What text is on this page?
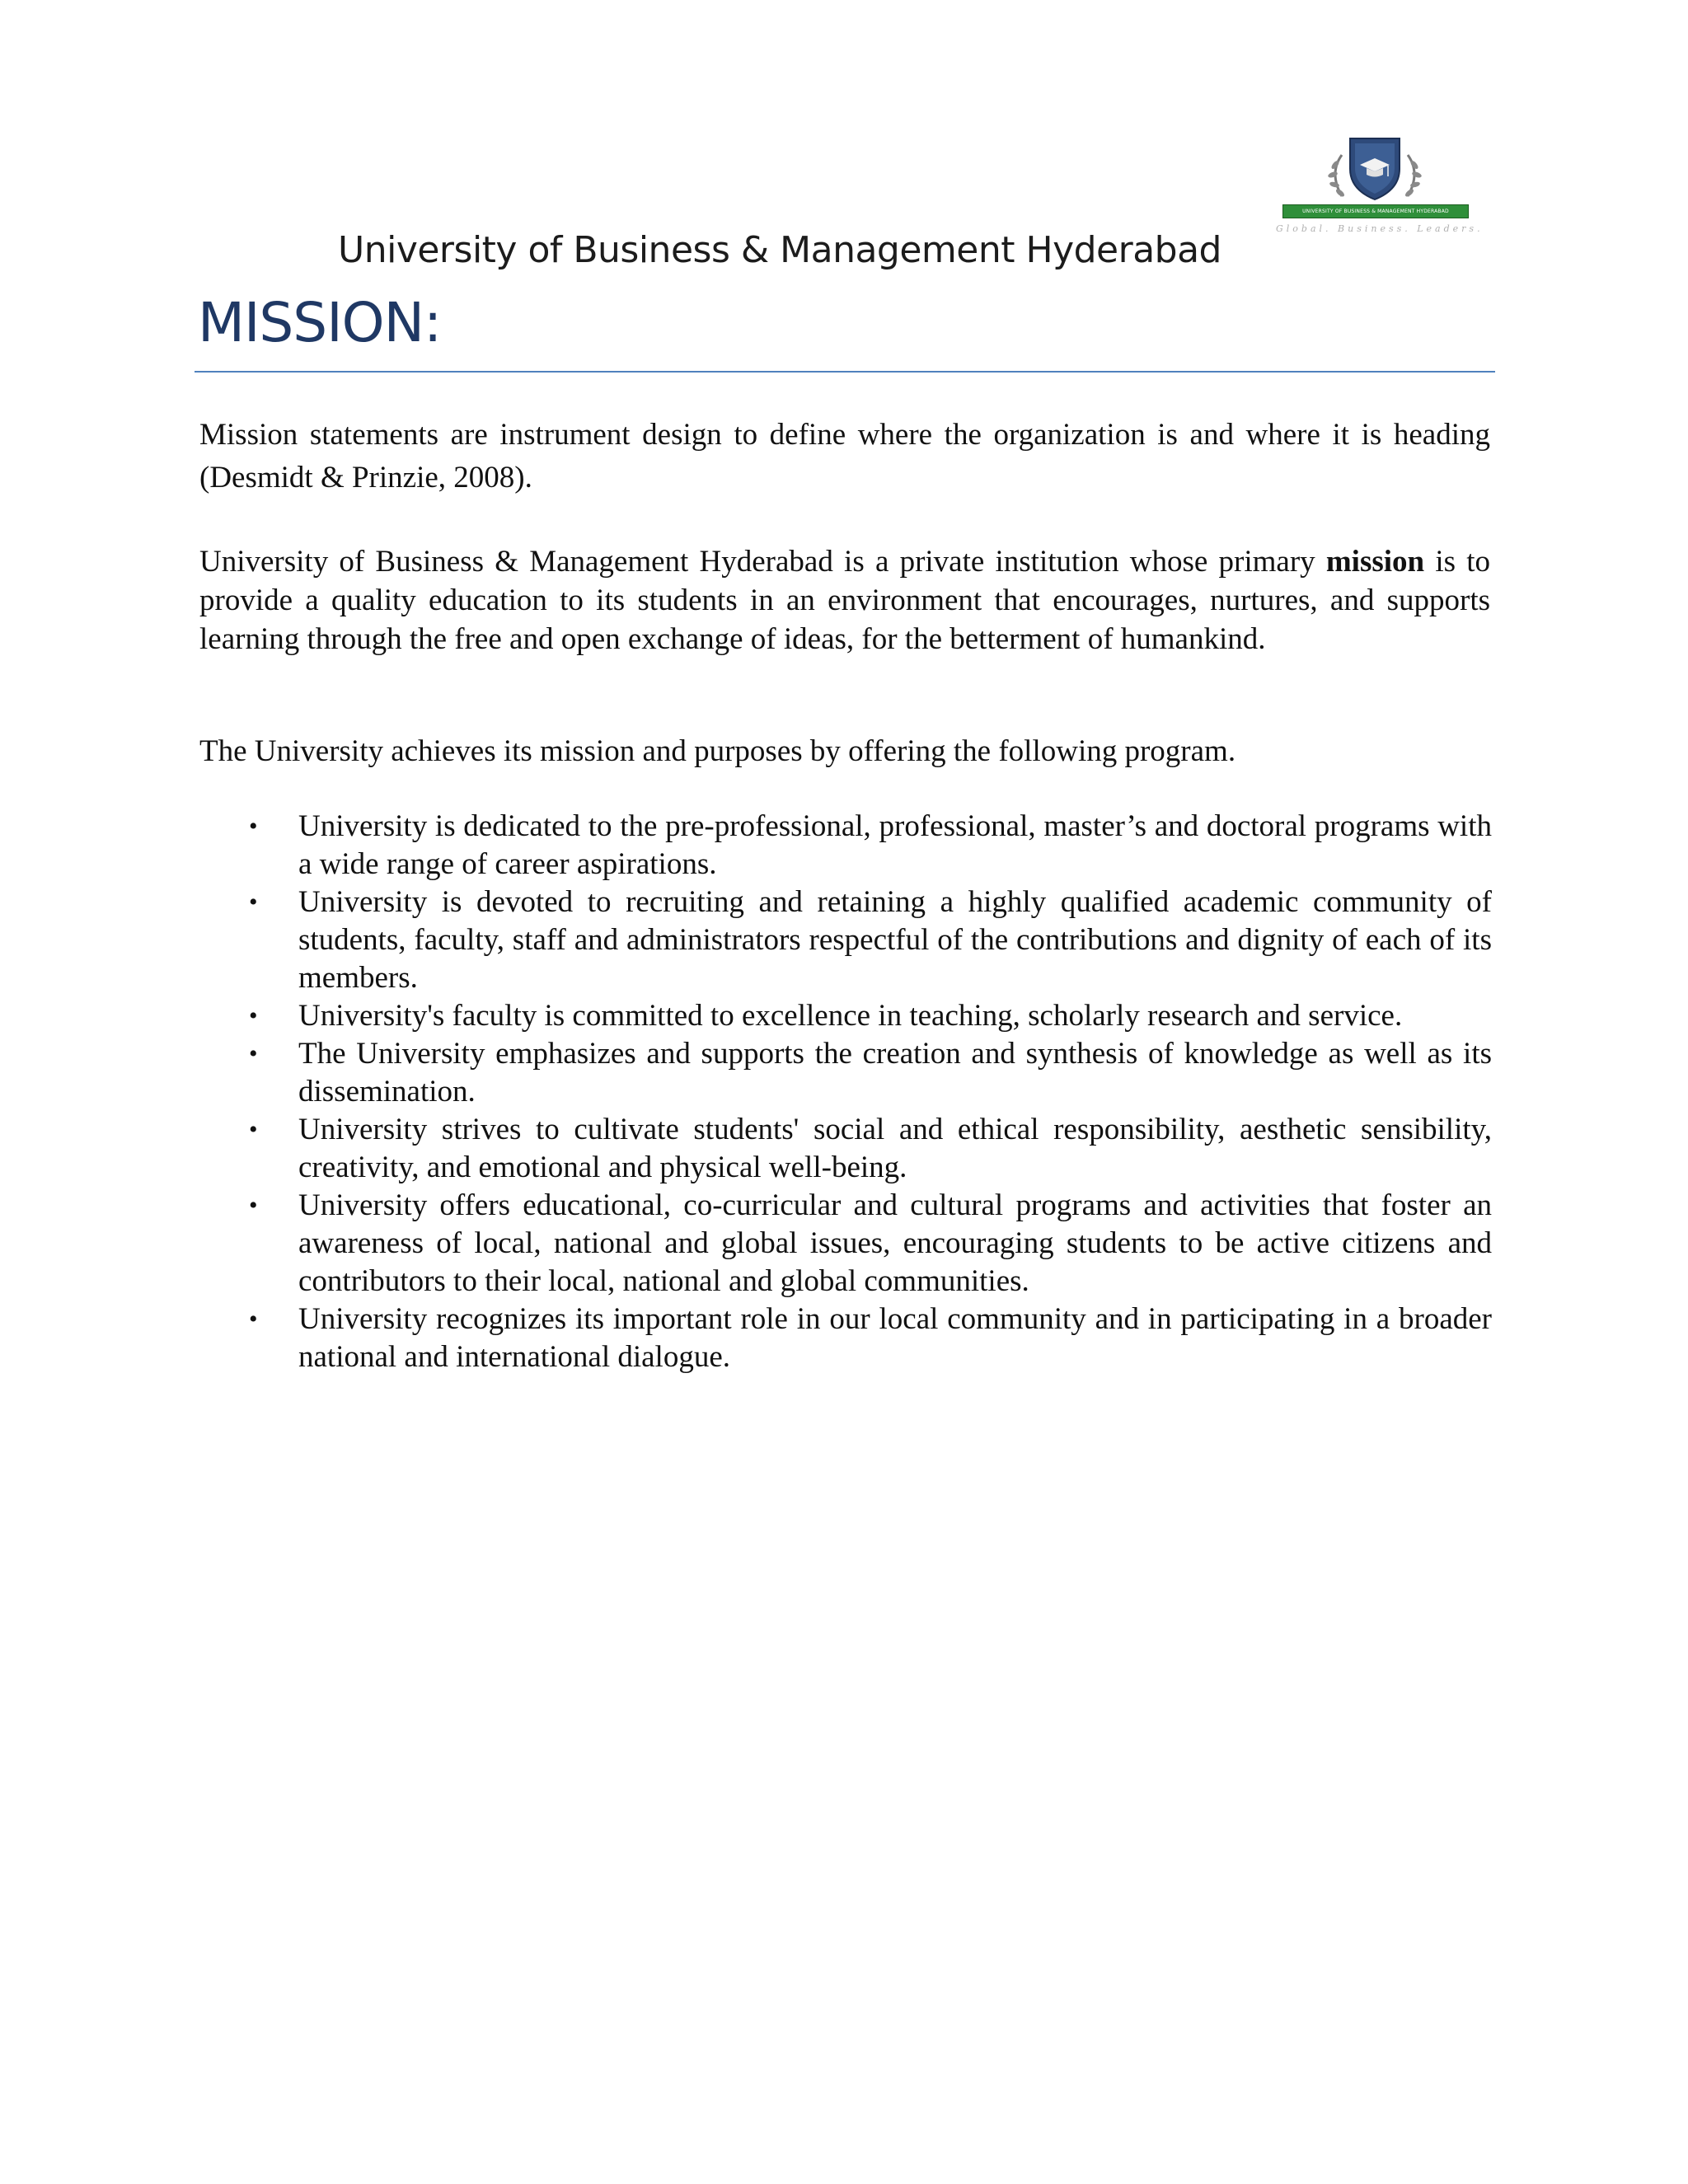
UNIVERSITY OF BUSINESS & MANAGEMENT HYDERABAD
Global. Business. Leaders.
University of Business & Management Hyderabad
MISSION:

Mission statements are instrument design to define where the organization is and where it is heading (Desmidt & Prinzie, 2008).

University of Business & Management Hyderabad is a private institution whose primary mission is to provide a quality education to its students in an environment that encourages, nurtures, and supports learning through the free and open exchange of ideas, for the betterment of humankind.

The University achieves its mission and purposes by offering the following program.

• University is dedicated to the pre-professional, professional, master’s and doctoral programs with a wide range of career aspirations.
• University is devoted to recruiting and retaining a highly qualified academic community of students, faculty, staff and administrators respectful of the contributions and dignity of each of its members.
• University's faculty is committed to excellence in teaching, scholarly research and service.
• The University emphasizes and supports the creation and synthesis of knowledge as well as its dissemination.
• University strives to cultivate students' social and ethical responsibility, aesthetic sensibility, creativity, and emotional and physical well-being.
• University offers educational, co-curricular and cultural programs and activities that foster an awareness of local, national and global issues, encouraging students to be active citizens and contributors to their local, national and global communities.
• University recognizes its important role in our local community and in participating in a broader national and international dialogue.
